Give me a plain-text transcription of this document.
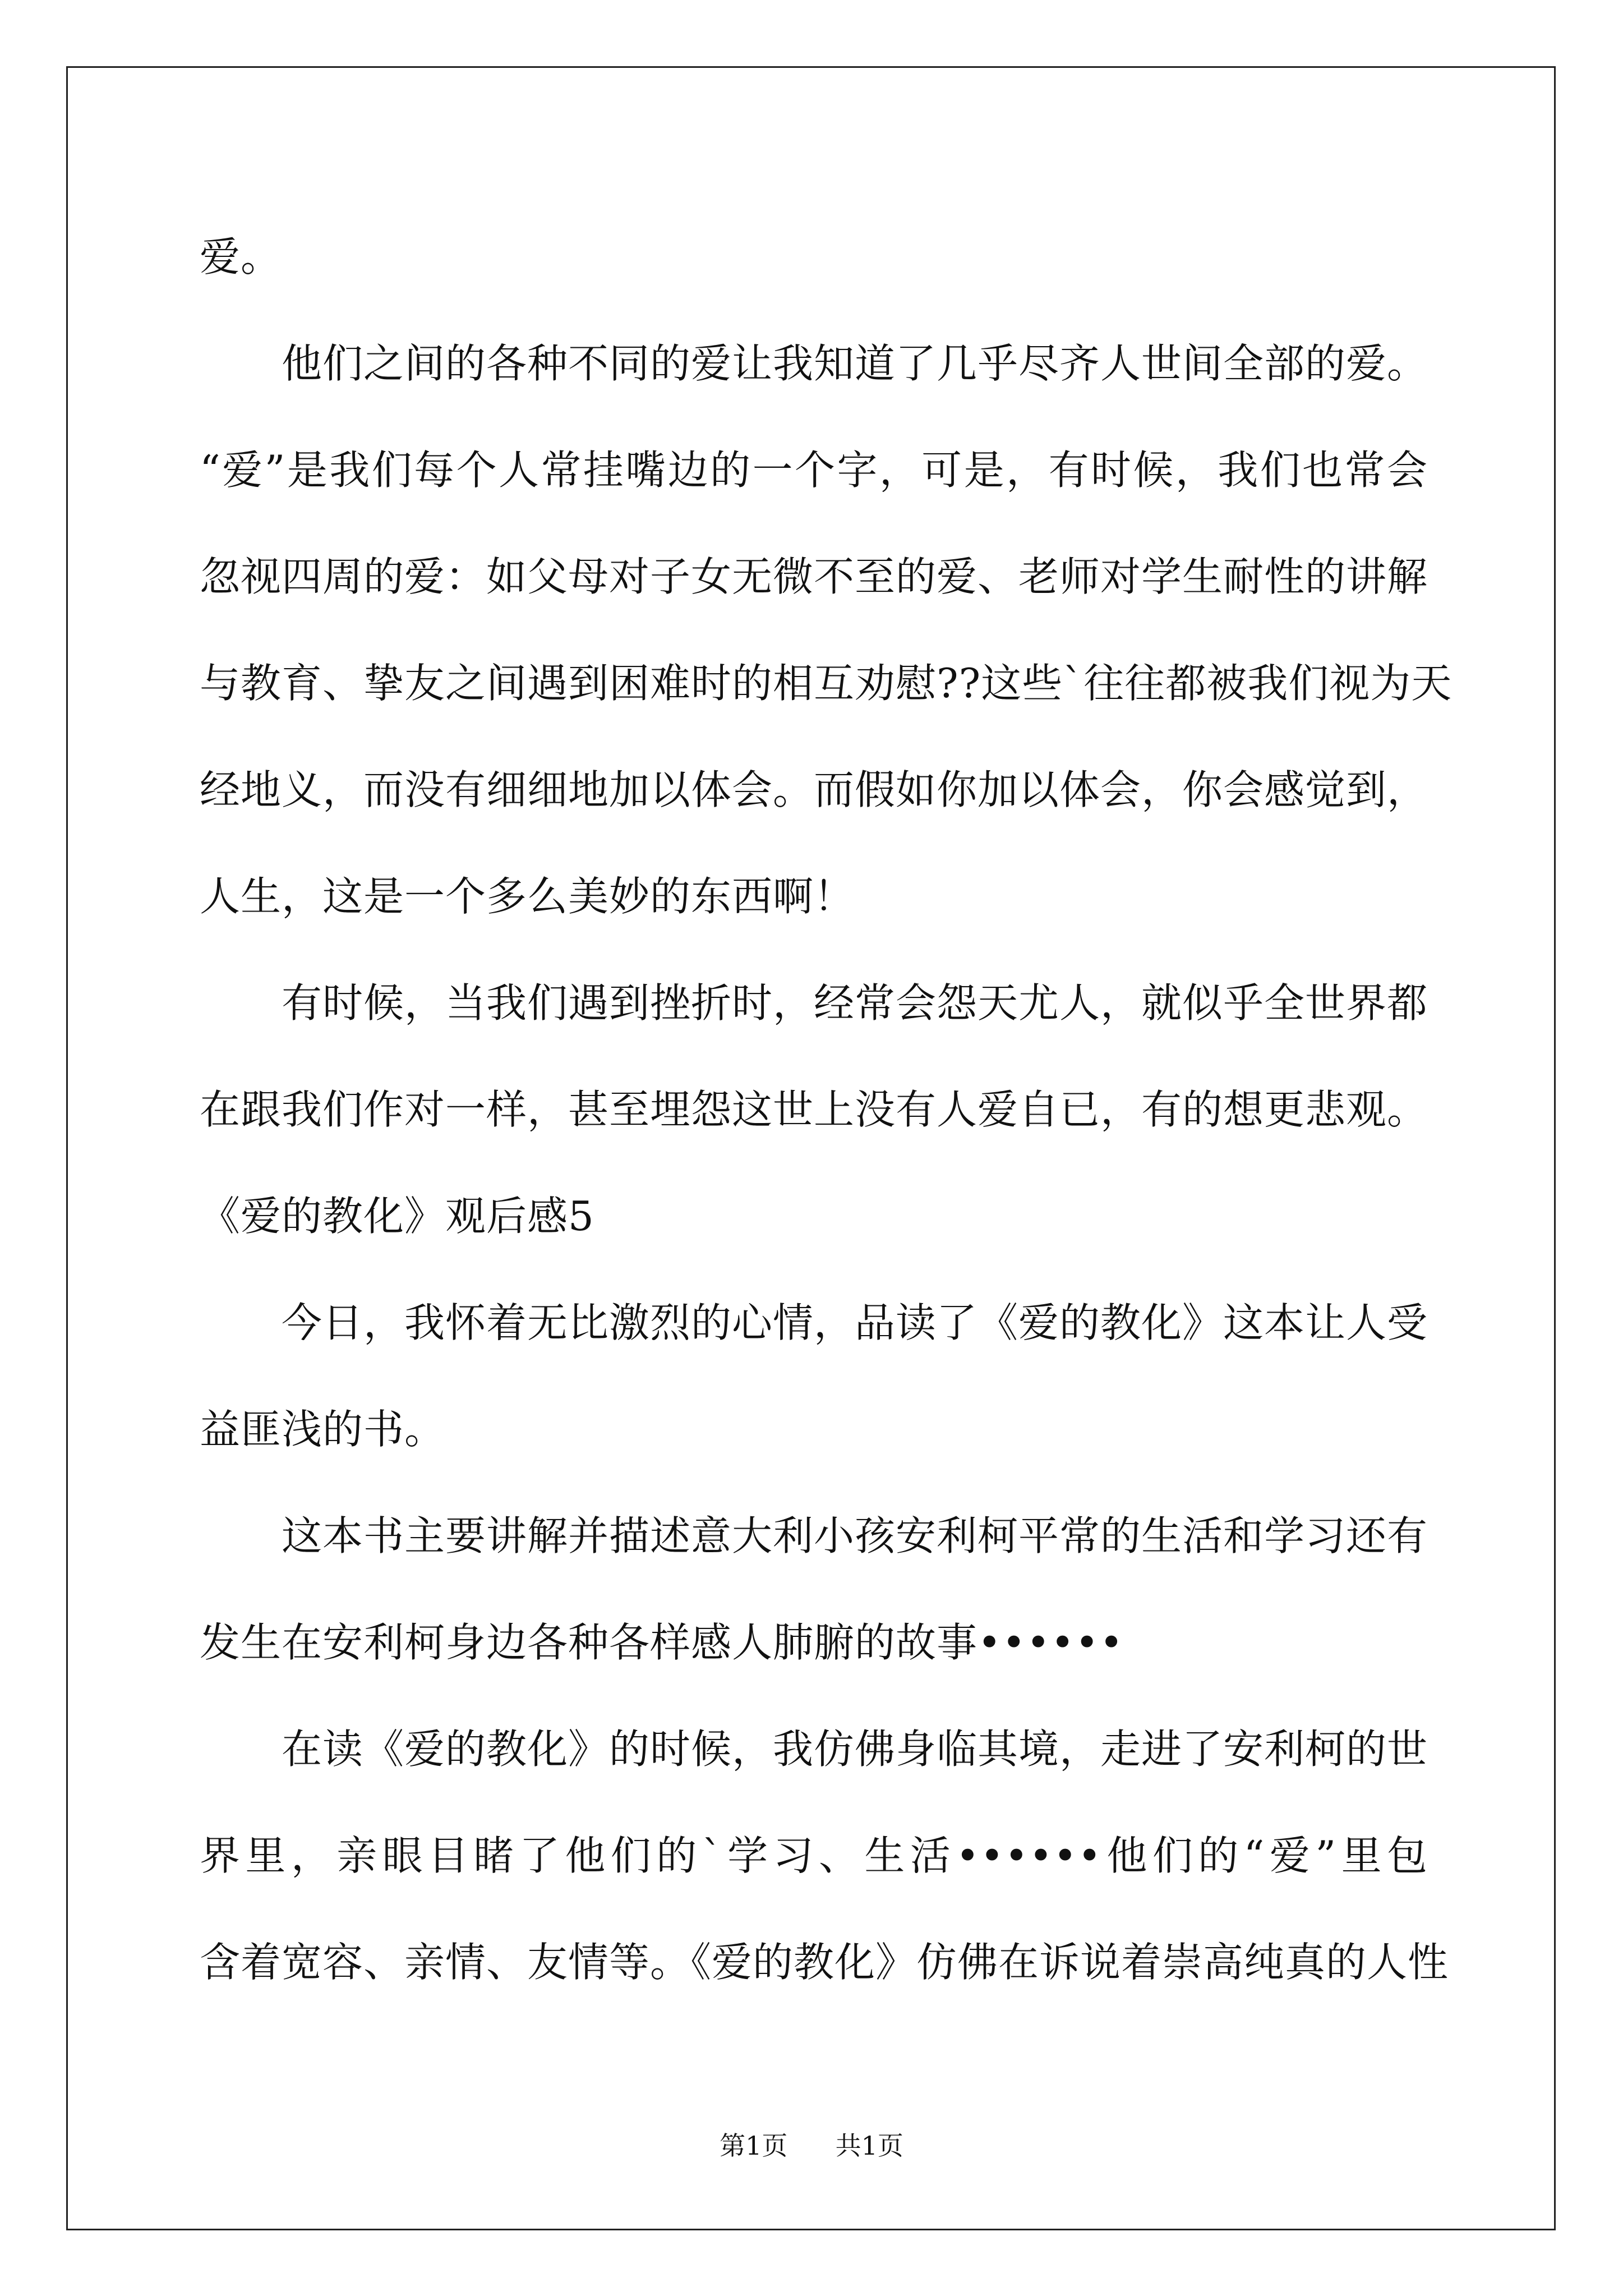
爱。
他们之间的各种不同的爱让我知道了几乎尽齐人世间全部的爱。
“爱”是我们每个人常挂嘴边的一个字，可是，有时候，我们也常会
忽视四周的爱：如父母对子女无微不至的爱、老师对学生耐性的讲解
与教育、挚友之间遇到困难时的相互劝慰??这些`往往都被我们视为天
经地义，而没有细细地加以体会。而假如你加以体会，你会感觉到，
人生，这是一个多么美妙的东西啊！
有时候，当我们遇到挫折时，经常会怨天尤人，就似乎全世界都
在跟我们作对一样，甚至埋怨这世上没有人爱自已，有的想更悲观。
《爱的教化》观后感5
今日，我怀着无比激烈的心情，品读了《爱的教化》这本让人受
益匪浅的书。
这本书主要讲解并描述意大利小孩安利柯平常的生活和学习还有
发生在安利柯身边各种各样感人肺腑的故事••••••
在读《爱的教化》的时候，我仿佛身临其境，走进了安利柯的世
界里，亲眼目睹了他们的`学习、生活••••••他们的“爱”里包
含着宽容、亲情、友情等。《爱的教化》仿佛在诉说着崇高纯真的人性
第1页 共1页
